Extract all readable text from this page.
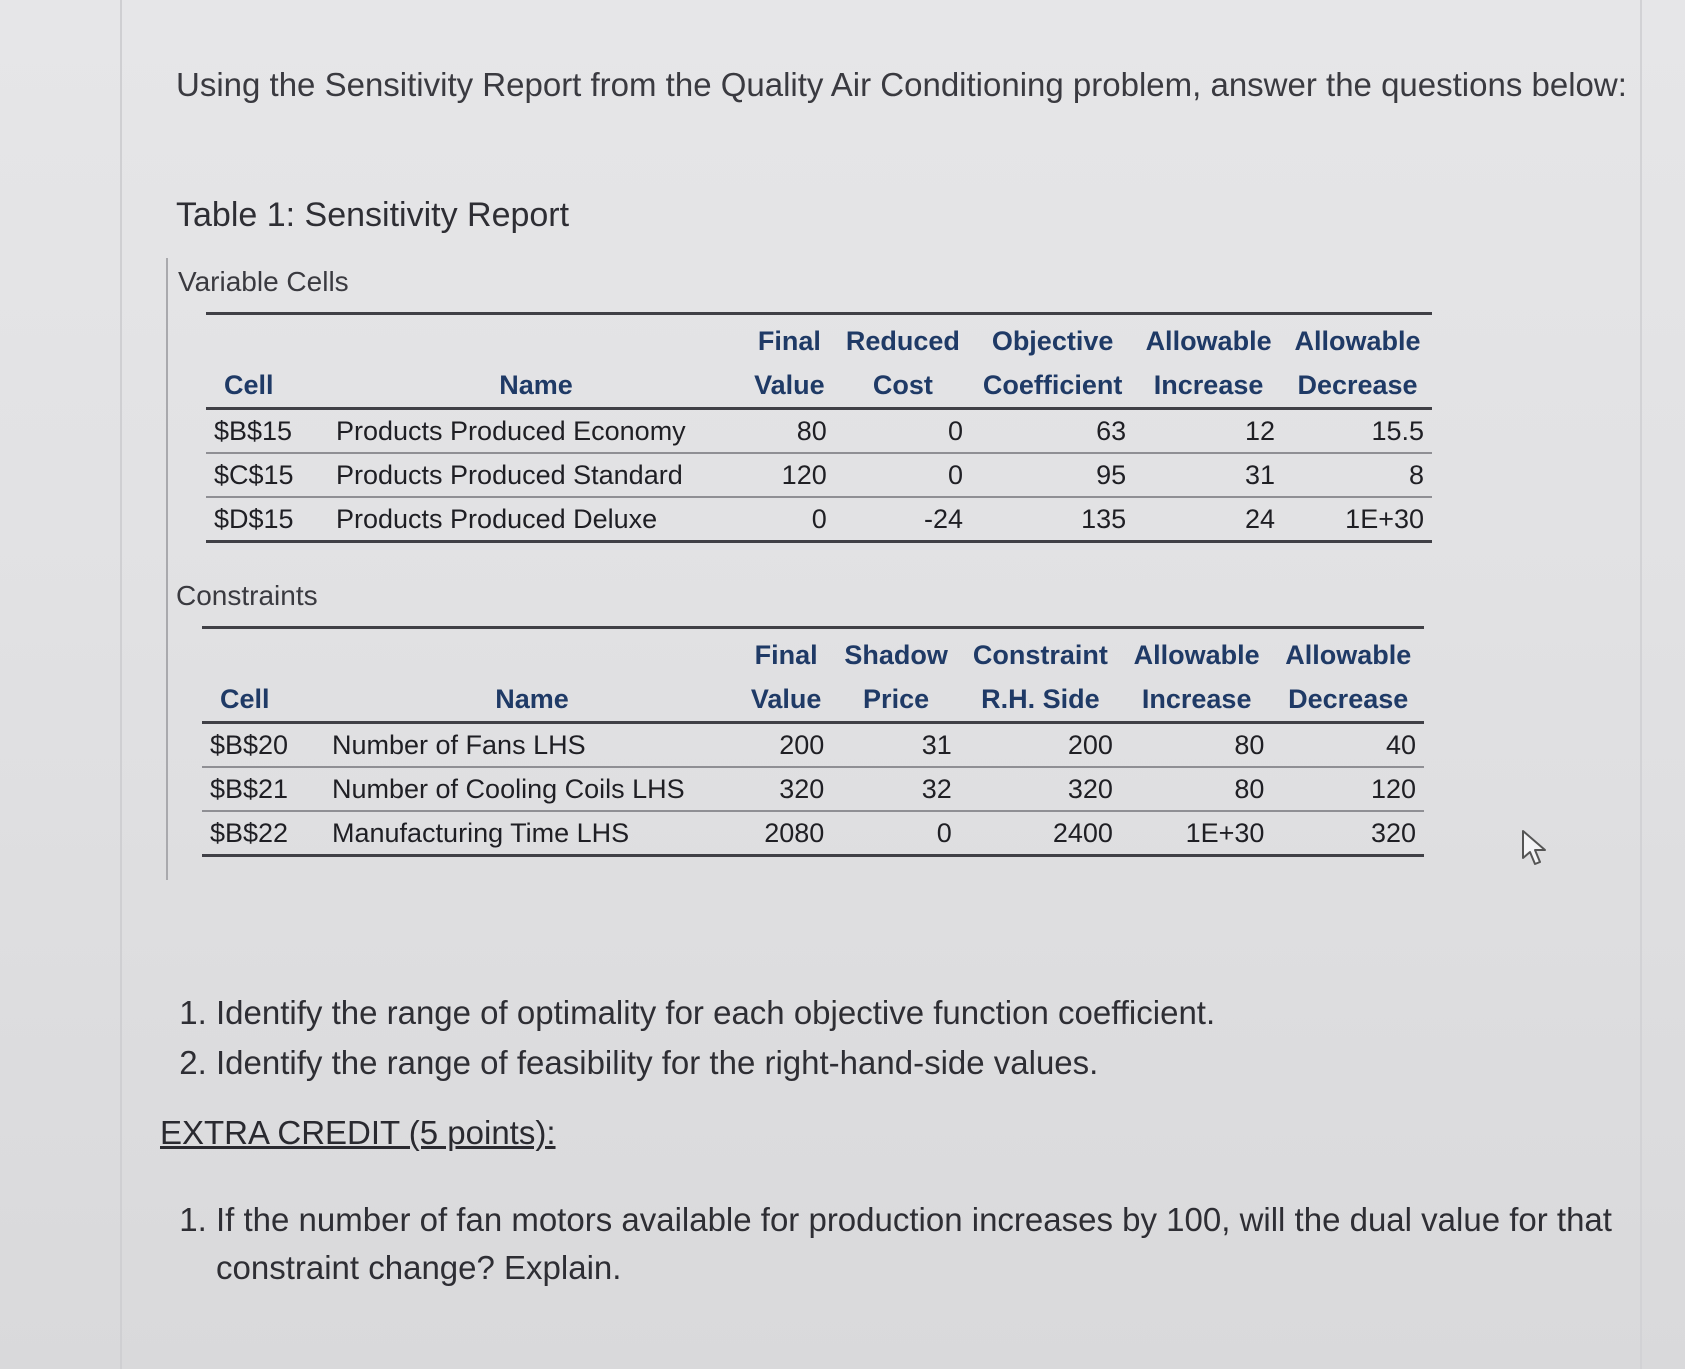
Using the Sensitivity Report from the Quality Air Conditioning problem, answer the questions below:
Table 1: Sensitivity Report
Variable Cells

		Final	Reduced	Objective	Allowable	Allowable
Cell	Name	Value	Cost	Coefficient	Increase	Decrease
$B$15	Products Produced Economy	80	0	63	12	15.5
$C$15	Products Produced Standard	120	0	95	31	8
$D$15	Products Produced Deluxe	0	-24	135	24	1E+30
Constraints

		Final	Shadow	Constraint	Allowable	Allowable
Cell	Name	Value	Price	R.H. Side	Increase	Decrease
$B$20	Number of Fans LHS	200	31	200	80	40
$B$21	Number of Cooling Coils LHS	320	32	320	80	120
$B$22	Manufacturing Time LHS	2080	0	2400	1E+30	320
1. Identify the range of optimality for each objective function coefficient.
2. Identify the range of feasibility for the right-hand-side values.
EXTRA CREDIT (5 points):
1. If the number of fan motors available for production increases by 100, will the dual value for that constraint change? Explain.
